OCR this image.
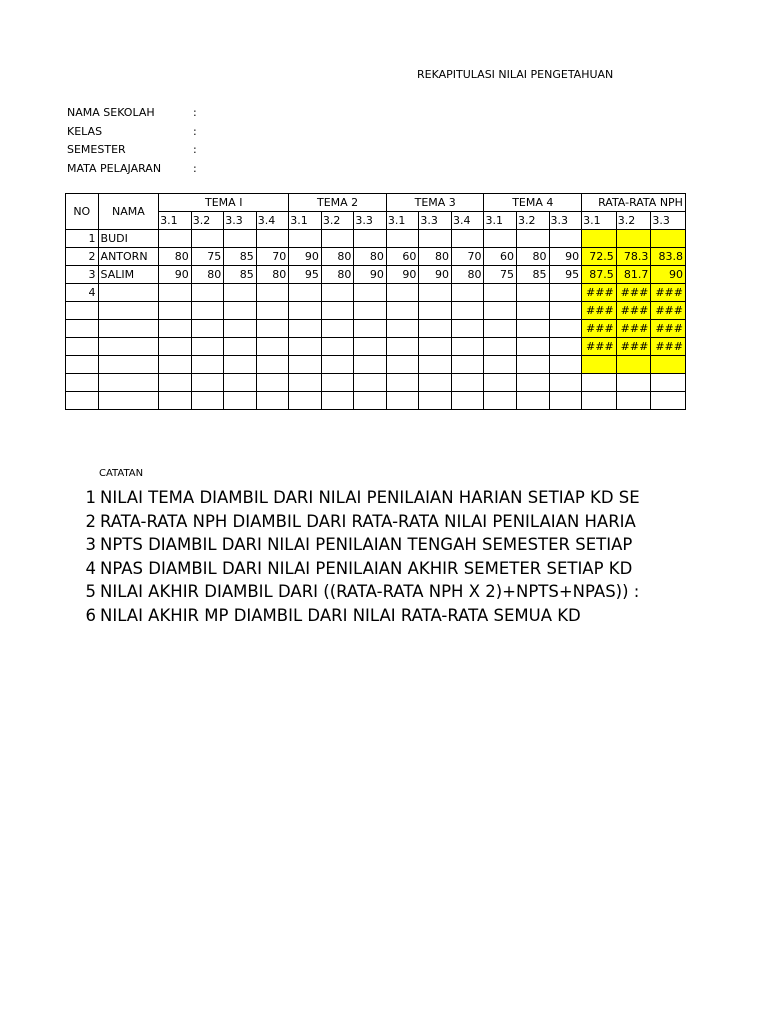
REKAPITULASI NILAI PENGETAHUAN
NAMA SEKOLAH	:
KELAS	:
SEMESTER	:
MATA PELAJARAN	:
NO	NAMA	TEMA I				TEMA 2			TEMA 3			TEMA 4			RATA-RATA NPH		
		3.1	3.2	3.3	3.4	3.1	3.2	3.3	3.1	3.3	3.4	3.1	3.2	3.3	3.1	3.2	3.3
1	BUDI																
2	ANTORN	80	75	85	70	90	80	80	60	80	70	60	80	90	72.5	78.3	83.8
3	SALIM	90	80	85	80	95	80	90	90	90	80	75	85	95	87.5	81.7	90
4															###	###	###
															###	###	###
															###	###	###
															###	###	###

CATATAN
1 NILAI TEMA DIAMBIL DARI NILAI PENILAIAN HARIAN SETIAP KD SE
2 RATA-RATA NPH DIAMBIL DARI RATA-RATA NILAI PENILAIAN HARIA
3 NPTS DIAMBIL DARI NILAI PENILAIAN TENGAH SEMESTER SETIAP
4 NPAS DIAMBIL DARI NILAI PENILAIAN AKHIR SEMETER SETIAP KD
5 NILAI AKHIR DIAMBIL DARI ((RATA-RATA NPH X 2)+NPTS+NPAS)) :
6 NILAI AKHIR MP DIAMBIL DARI NILAI RATA-RATA SEMUA KD
